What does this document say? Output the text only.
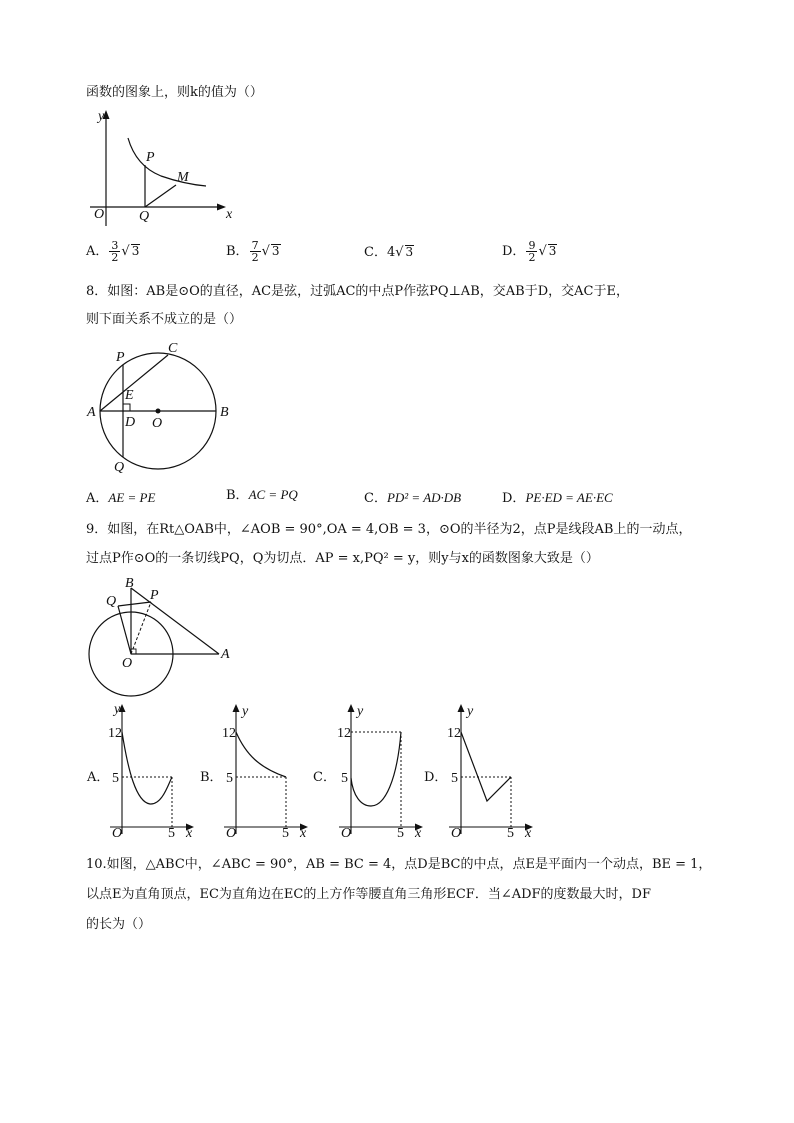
函数的图象上，则k的值为（）
y
x
O
P
Q
M
A． $\frac{3}{2}$ √ 3	B． $\frac{7}{2}$ √ 3	C．4√ 3	D． $\frac{9}{2}$ √ 3
8．如图：AB是⊙O的直径，AC是弦，过弧AC的中点P作弦PQ⊥AB，交AB于D，交AC于E，
则下面关系不成立的是（）
P
C
A	B
E
D O
Q
A．AE = PE	B．AC = PQ	C．PD² = AD·DB	D．PE·ED = AE·EC
9．如图，在Rt△OAB中，∠AOB = 90°,OA = 4,OB = 3，⊙O的半径为2，点P是线段AB上的一动点，
过点P作⊙O的一条切线PQ，Q为切点．AP = x,PQ² = y，则y与x的函数图象大致是（）
B
P
Q
O
A
A．
y
12
5
O	5 x
B．
y
12
5
O	5 x
C．
y
12
5
O	5 x
D．
y
12
5
O	5 x
10.如图，△ABC中，∠ABC = 90°，AB = BC = 4，点D是BC的中点，点E是平面内一个动点，BE = 1，
以点E为直角顶点，EC为直角边在EC的上方作等腰直角三角形ECF．当∠ADF的度数最大时，DF
的长为（）
